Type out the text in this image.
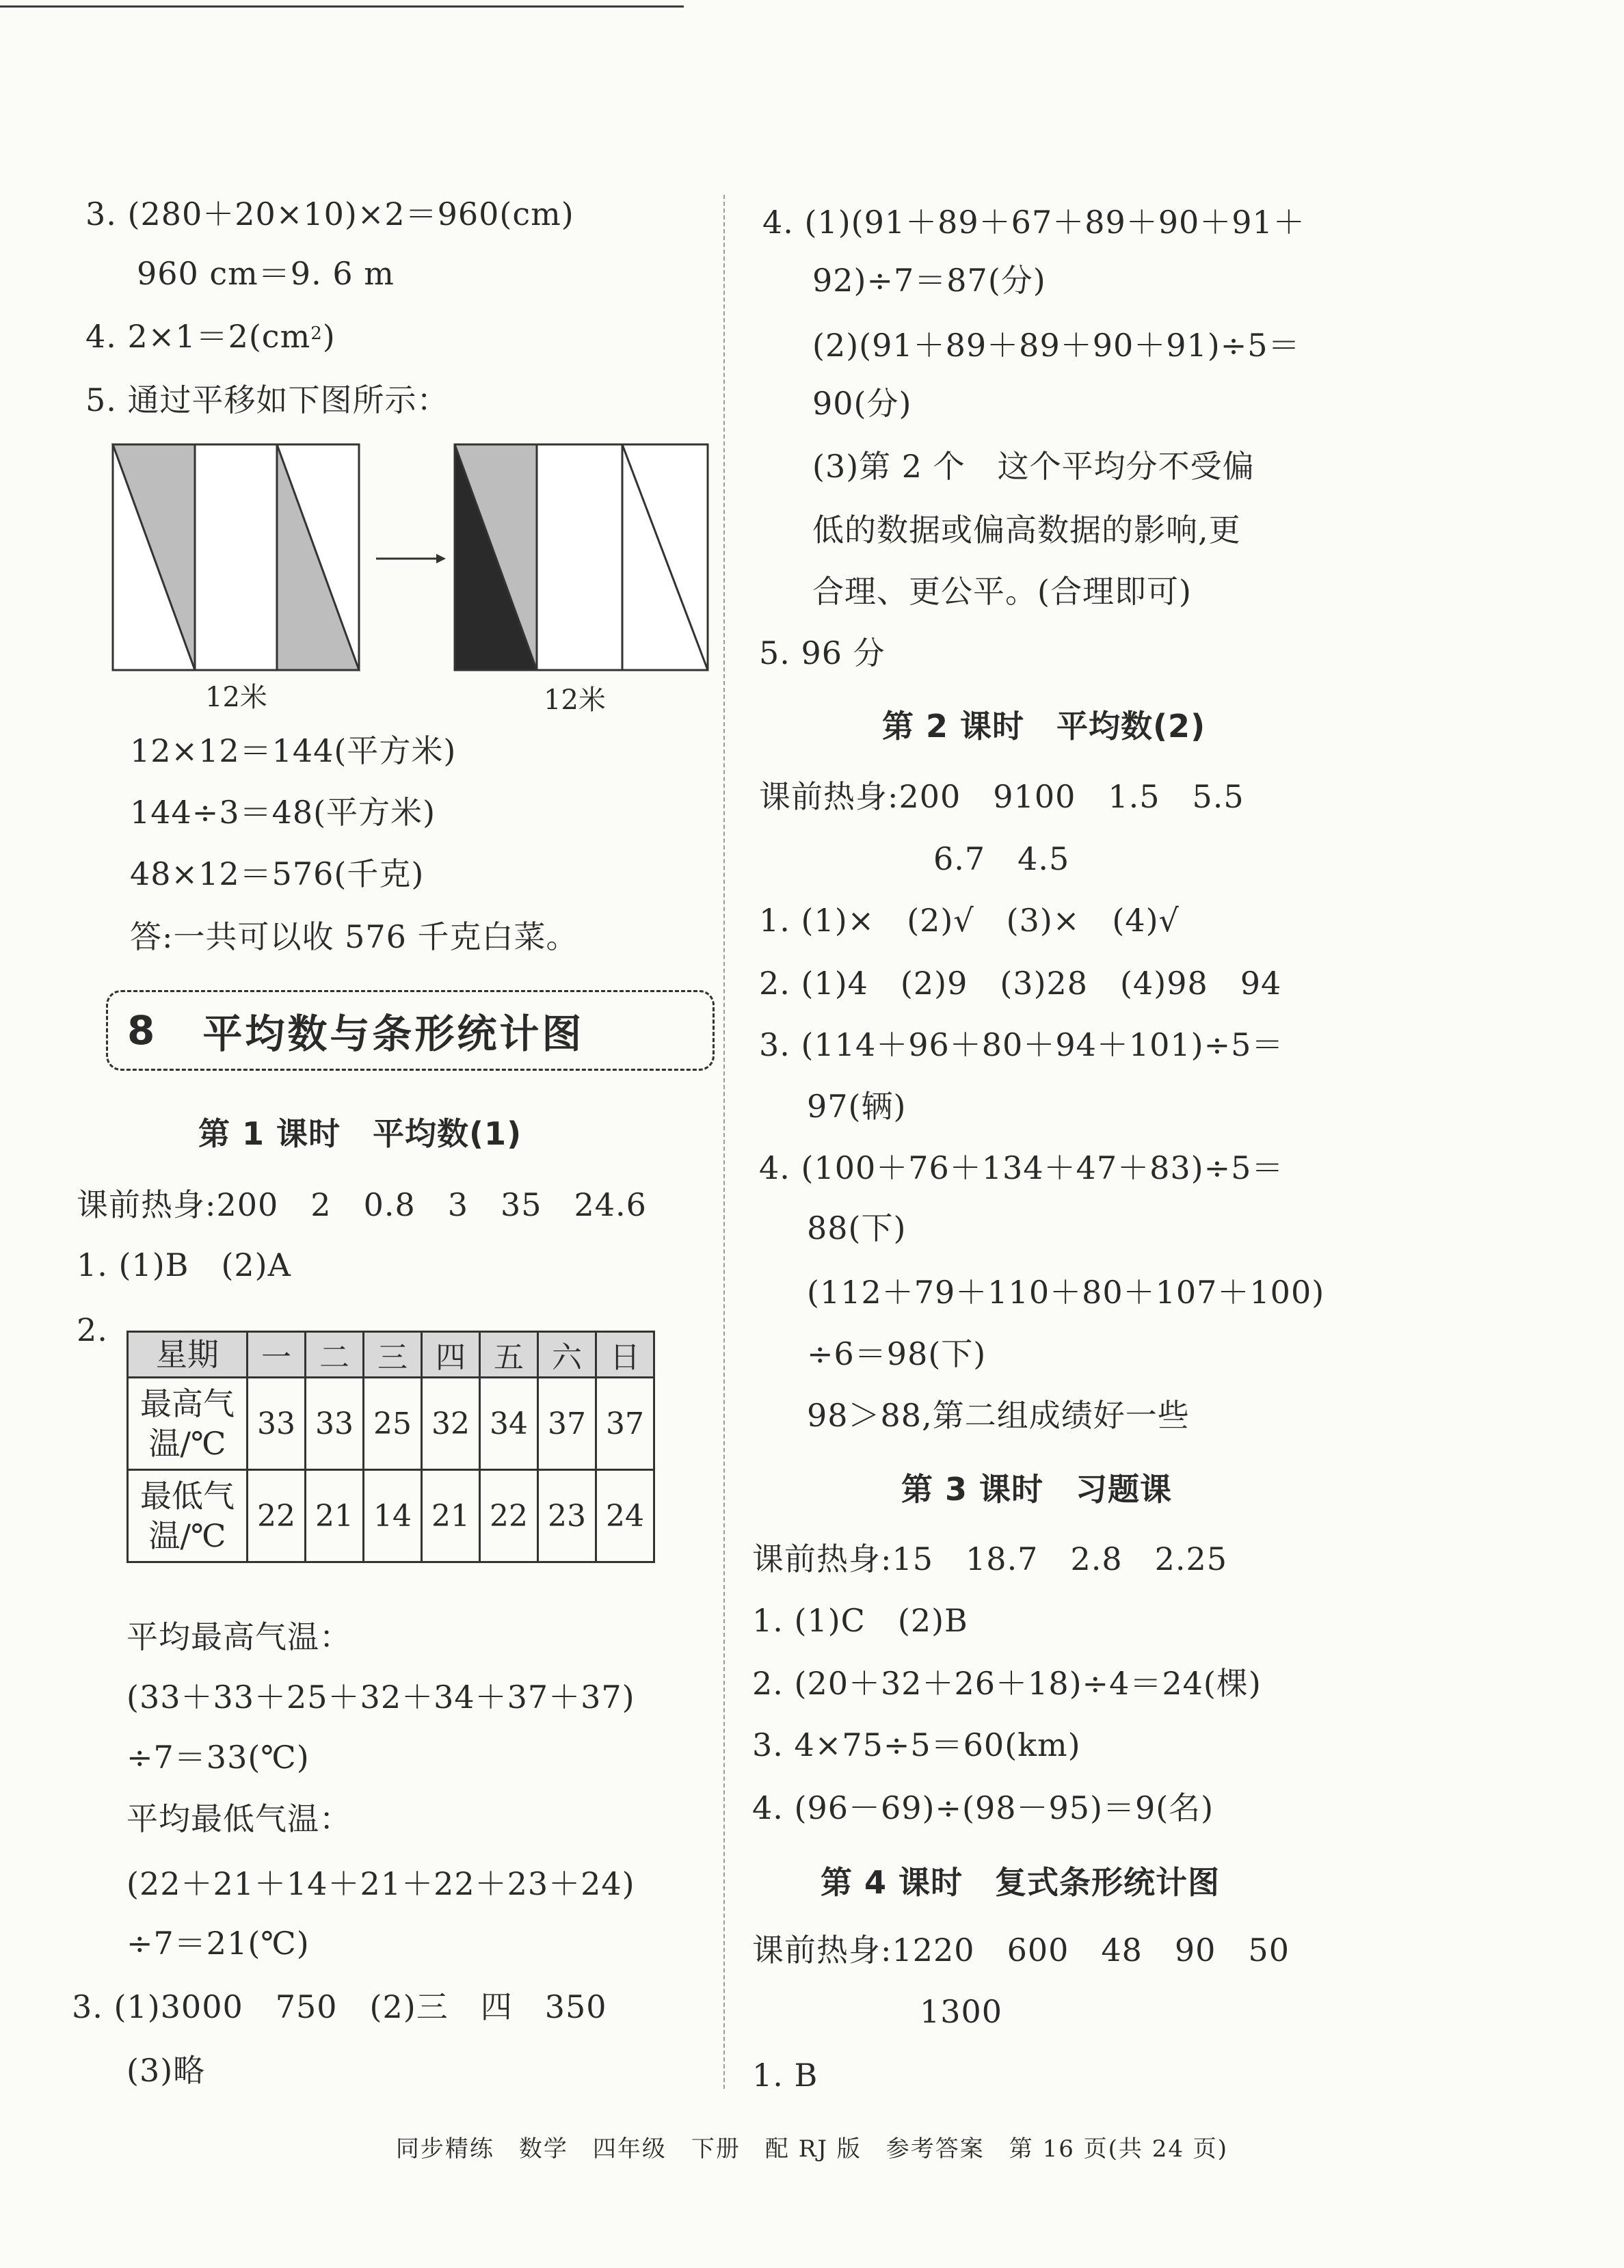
3. (280＋20×10)×2＝960(cm)
960 cm＝9. 6 m
4. $2\times 1=2(cm^2)$
5. 通过平移如下图所示：
12米	12米
12×12＝144(平方米)
144÷3＝48(平方米)
48×12＝576(千克)
答:一共可以收 576 千克白菜。
8 平均数与条形统计图
第 1 课时　平均数(1)
课前热身:200　2　0.8　3　35　24.6
1. (1)B　(2)A
2.
星期	一	二	三	四	五	六	日

最高气
温/℃	33	33	25	32	34	37	37

最低气
温/℃	22	21	14	21	22	23	24
平均最高气温：
(33＋33＋25＋32＋34＋37＋37)
÷7＝33(℃)
平均最低气温：
(22＋21＋14＋21＋22＋23＋24)
÷7＝21(℃)
3. (1)3000　750　(2)三　四　350
(3)略
4. (1)(91＋89＋67＋89＋90＋91＋
92)÷7＝87(分)
(2)(91＋89＋89＋90＋91)÷5＝
90(分)
(3)第 2 个　这个平均分不受偏
低的数据或偏高数据的影响,更
合理、更公平。(合理即可)
5. 96 分
第 2 课时　平均数(2)
课前热身:200　9100　1.5　5.5
6.7　4.5
1. (1)×　(2)√　(3)×　(4)√
2. (1)4　(2)9　(3)28　(4)98　94
3. (114＋96＋80＋94＋101)÷5＝
97(辆)
4. (100＋76＋134＋47＋83)÷5＝
88(下)
(112＋79＋110＋80＋107＋100)
÷6＝98(下)
98＞88,第二组成绩好一些
第 3 课时　习题课
课前热身:15　18.7　2.8　2.25
1. (1)C　(2)B
2. (20＋32＋26＋18)÷4＝24(棵)
3. 4×75÷5＝60(km)
4. (96－69)÷(98－95)＝9(名)
第 4 课时　复式条形统计图
课前热身:1220　600　48　90　50
1300
1. B
同步精练　数学　四年级　下册　配 RJ 版　参考答案　第 16 页(共 24 页)
